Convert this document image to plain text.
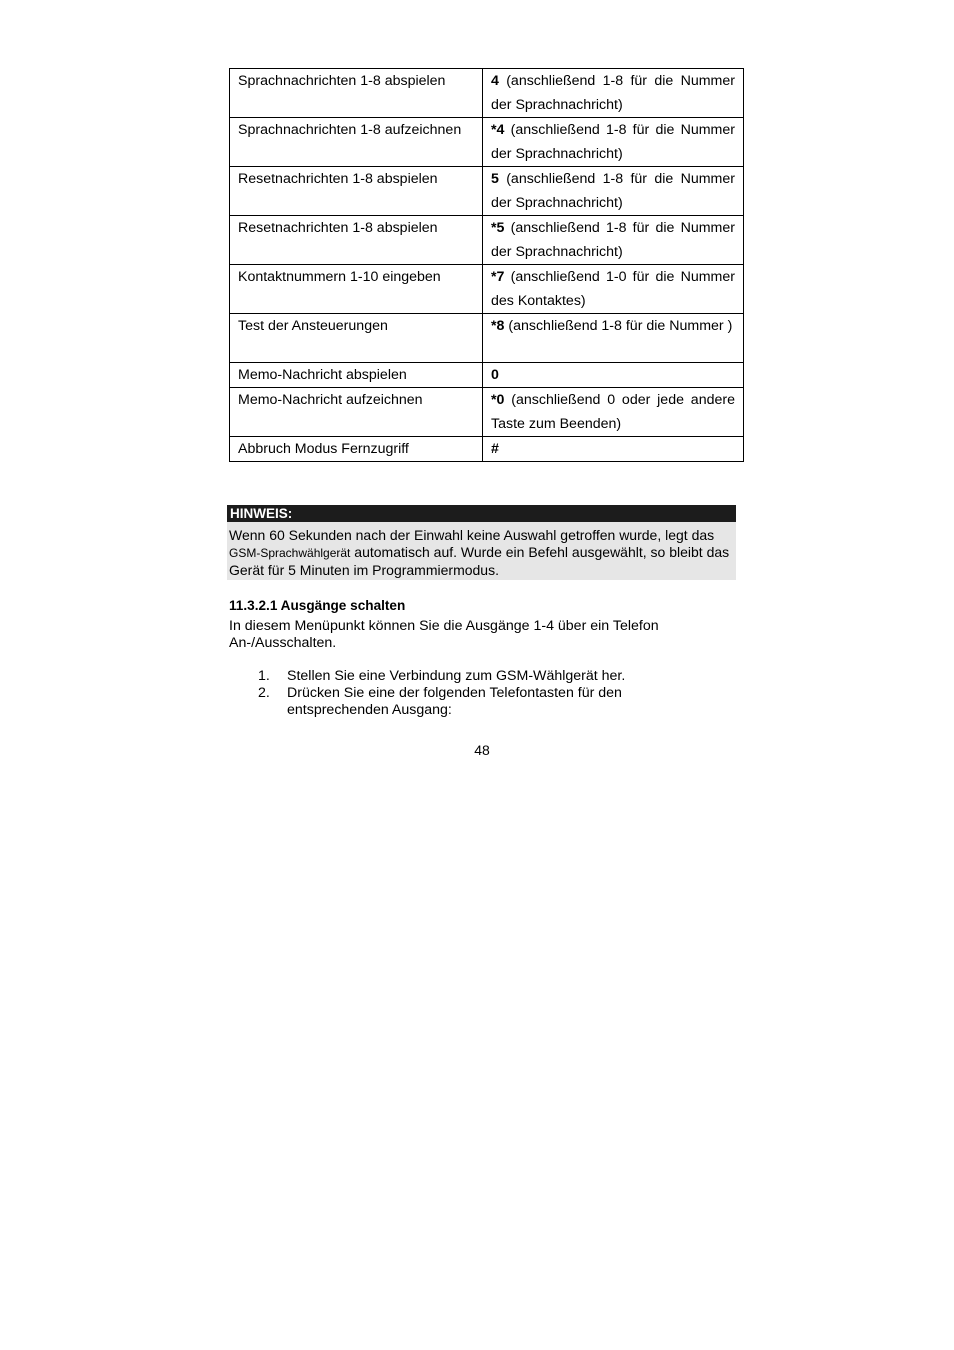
Sprachnachrichten 1-8 abspielen	4 (anschließend 1-8 für die Nummer der Sprachnachricht)
Sprachnachrichten 1-8 aufzeichnen	*4 (anschließend 1-8 für die Nummer der Sprachnachricht)
Resetnachrichten 1-8 abspielen	5 (anschließend 1-8 für die Nummer der Sprachnachricht)
Resetnachrichten 1-8 abspielen	*5 (anschließend 1-8 für die Nummer der Sprachnachricht)
Kontaktnummern 1-10 eingeben	*7 (anschließend 1-0 für die Nummer des Kontaktes)
Test der Ansteuerungen	*8 (anschließend 1-8 für die Nummer )
Memo-Nachricht abspielen	0
Memo-Nachricht aufzeichnen	*0 (anschließend 0 oder jede andere Taste zum Beenden)
Abbruch Modus Fernzugriff	#
HINWEIS:
Wenn 60 Sekunden nach der Einwahl keine Auswahl getroffen wurde, legt das GSM-Sprachwählgerät automatisch auf. Wurde ein Befehl ausgewählt, so bleibt das Gerät für 5 Minuten im Programmiermodus.
11.3.2.1 Ausgänge schalten
In diesem Menüpunkt können Sie die Ausgänge 1-4 über ein Telefon An-/Ausschalten.
1.	Stellen Sie eine Verbindung zum GSM-Wählgerät her.
2.	Drücken Sie eine der folgenden Telefontasten für den entsprechenden Ausgang:
48
